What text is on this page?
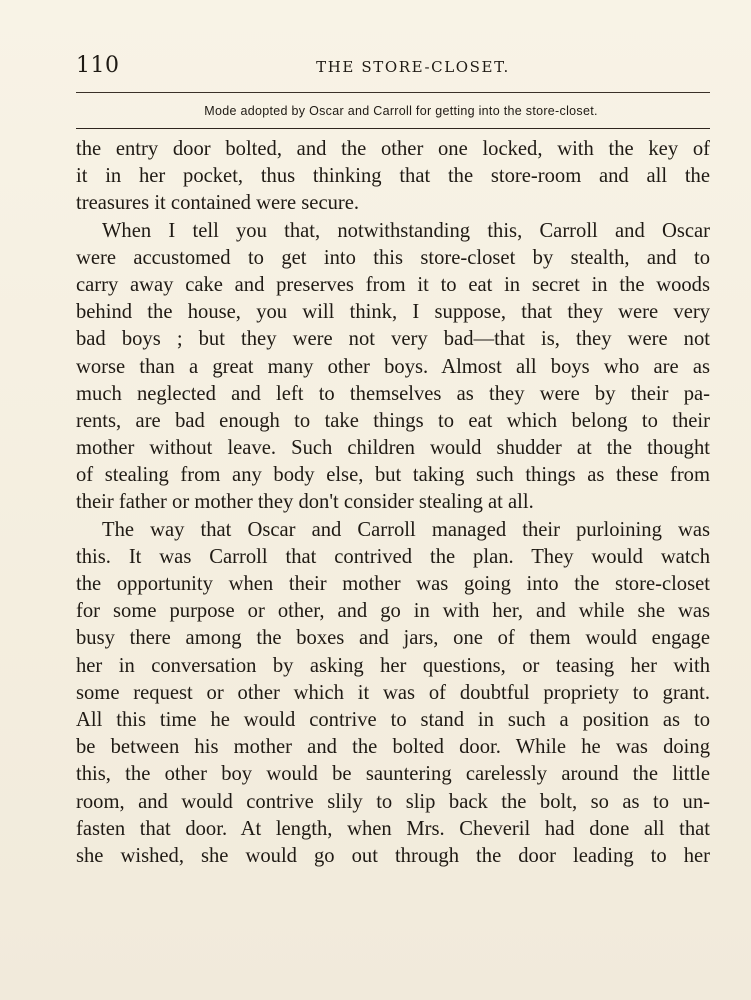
110	THE STORE-CLOSET.
Mode adopted by Oscar and Carroll for getting into the store-closet.
the entry door bolted, and the other one locked, with the key of
it in her pocket, thus thinking that the store-room and all the
treasures it contained were secure.
When I tell you that, notwithstanding this, Carroll and Oscar
were accustomed to get into this store-closet by stealth, and to
carry away cake and preserves from it to eat in secret in the woods
behind the house, you will think, I suppose, that they were very
bad boys ; but they were not very bad—that is, they were not
worse than a great many other boys. Almost all boys who are as
much neglected and left to themselves as they were by their pa-
rents, are bad enough to take things to eat which belong to their
mother without leave. Such children would shudder at the thought
of stealing from any body else, but taking such things as these from
their father or mother they don't consider stealing at all.
The way that Oscar and Carroll managed their purloining was
this. It was Carroll that contrived the plan. They would watch
the opportunity when their mother was going into the store-closet
for some purpose or other, and go in with her, and while she was
busy there among the boxes and jars, one of them would engage
her in conversation by asking her questions, or teasing her with
some request or other which it was of doubtful propriety to grant.
All this time he would contrive to stand in such a position as to
be between his mother and the bolted door. While he was doing
this, the other boy would be sauntering carelessly around the little
room, and would contrive slily to slip back the bolt, so as to un-
fasten that door. At length, when Mrs. Cheveril had done all that
she wished, she would go out through the door leading to her
